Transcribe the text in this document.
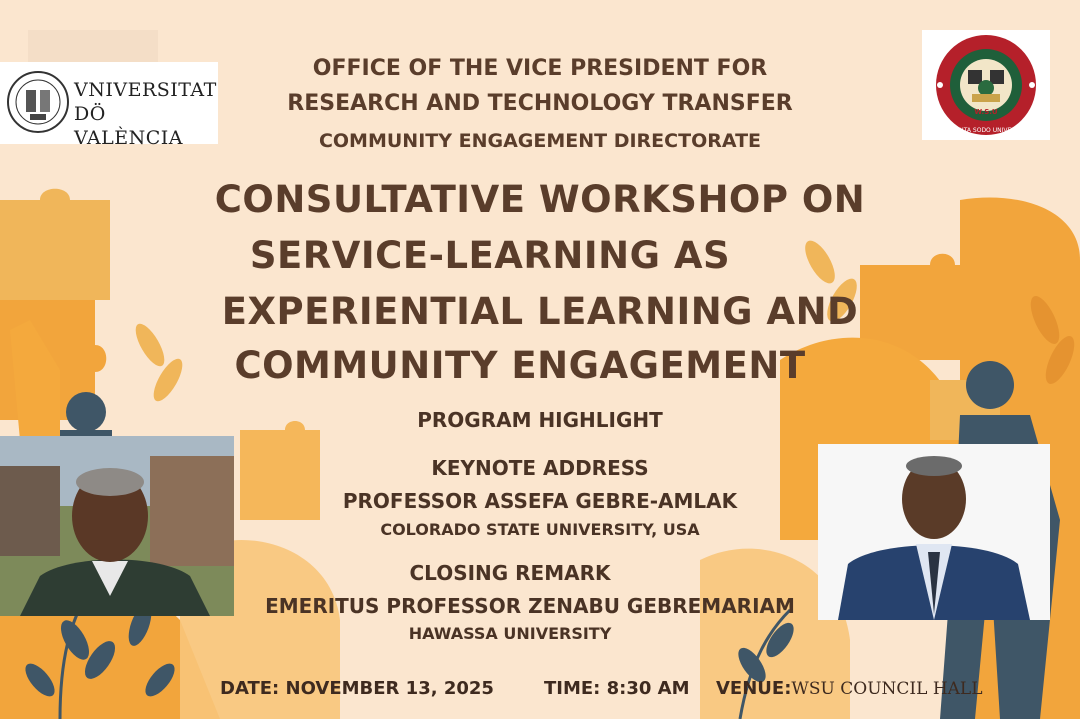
VNIVERSITAT
DÖ VALÈNCIA
W.S.U
WOLAITA SODO UNIVERSITY
OFFICE OF THE VICE PRESIDENT FOR
RESEARCH AND TECHNOLOGY TRANSFER
COMMUNITY ENGAGEMENT DIRECTORATE
CONSULTATIVE WORKSHOP ON
SERVICE-LEARNING AS
EXPERIENTIAL LEARNING AND
COMMUNITY ENGAGEMENT
PROGRAM HIGHLIGHT
KEYNOTE ADDRESS
PROFESSOR ASSEFA GEBRE-AMLAK
COLORADO STATE UNIVERSITY, USA
CLOSING REMARK
EMERITUS PROFESSOR ZENABU GEBREMARIAM
HAWASSA UNIVERSITY
DATE: NOVEMBER 13, 2025	TIME: 8:30 AM VENUE:WSU COUNCIL HALL
